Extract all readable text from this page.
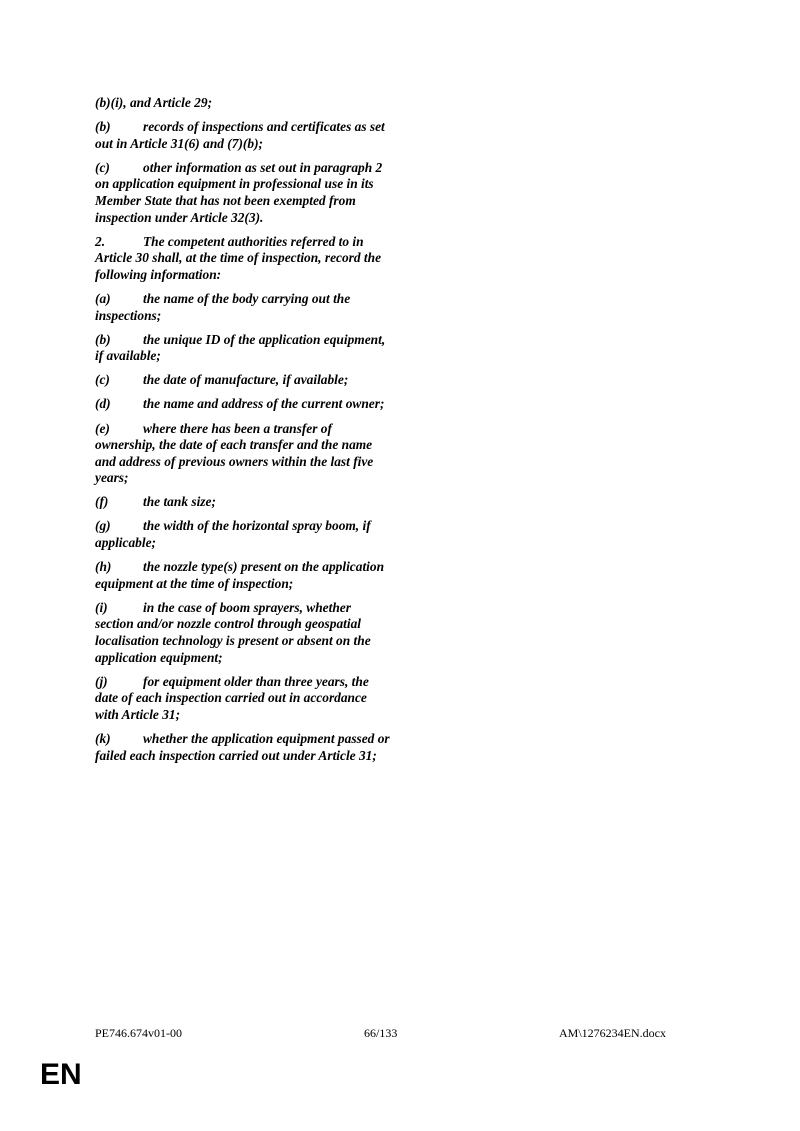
(b)(i), and Article 29;

(b) records of inspections and certificates as set out in Article 31(6) and (7)(b);

(c) other information as set out in paragraph 2 on application equipment in professional use in its Member State that has not been exempted from inspection under Article 32(3).

2.	The competent authorities referred to in Article 30 shall, at the time of inspection, record the following information:

(a) the name of the body carrying out the inspections;

(b) the unique ID of the application equipment, if available;

(c) the date of manufacture, if available;

(d) the name and address of the current owner;

(e) where there has been a transfer of ownership, the date of each transfer and the name and address of previous owners within the last five years;

(f)	the tank size;

(g) the width of the horizontal spray boom, if applicable;

(h) the nozzle type(s) present on the application equipment at the time of inspection;

(i)	in the case of boom sprayers, whether section and/or nozzle control through geospatial localisation technology is present or absent on the application equipment;

(j)	for equipment older than three years, the date of each inspection carried out in accordance with Article 31;

(k) whether the application equipment passed or failed each inspection carried out under Article 31;

PE746.674v01-00	66/133	AM\1276234EN.docx
EN
